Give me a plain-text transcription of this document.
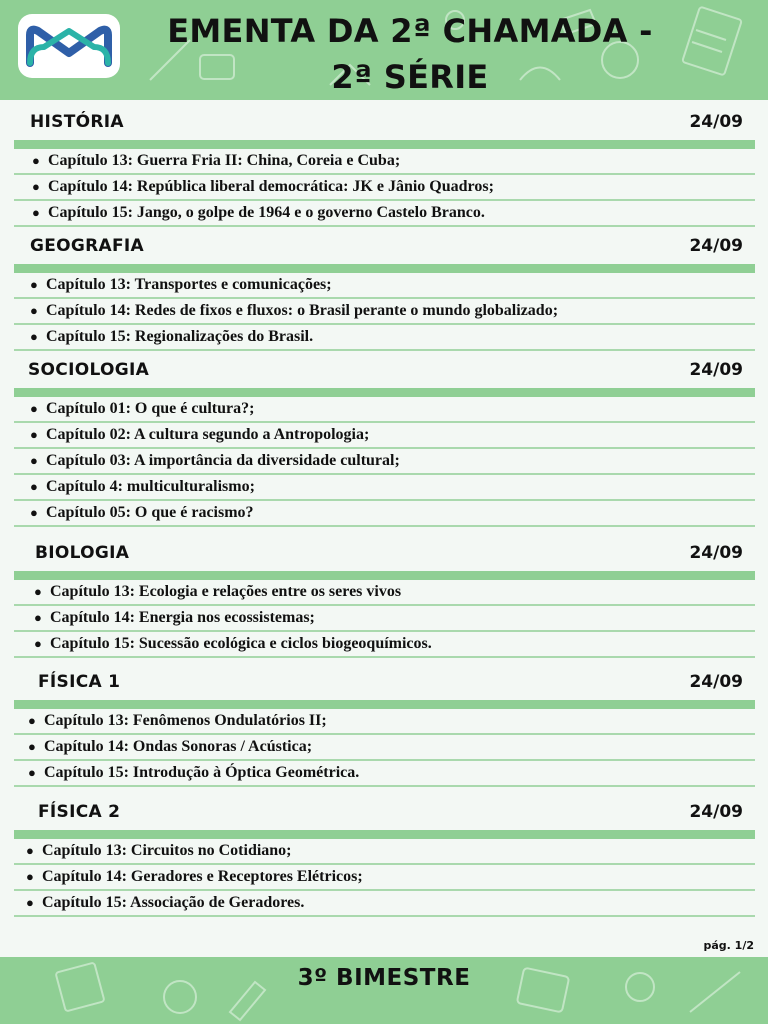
EMENTA DA 2ª CHAMADA -
2ª SÉRIE
HISTÓRIA	24/09
● Capítulo 13: Guerra Fria II: China, Coreia e Cuba;
● Capítulo 14: República liberal democrática: JK e Jânio Quadros;
● Capítulo 15: Jango, o golpe de 1964 e o governo Castelo Branco.
GEOGRAFIA	24/09
● Capítulo 13: Transportes e comunicações;
● Capítulo 14: Redes de fixos e fluxos: o Brasil perante o mundo globalizado;
● Capítulo 15: Regionalizações do Brasil.
SOCIOLOGIA	24/09
● Capítulo 01: O que é cultura?;
● Capítulo 02: A cultura segundo a Antropologia;
● Capítulo 03: A importância da diversidade cultural;
● Capítulo 4: multiculturalismo;
● Capítulo 05: O que é racismo?
BIOLOGIA	24/09
● Capítulo 13: Ecologia e relações entre os seres vivos
● Capítulo 14: Energia nos ecossistemas;
● Capítulo 15: Sucessão ecológica e ciclos biogeoquímicos.
FÍSICA 1	24/09
● Capítulo 13: Fenômenos Ondulatórios II;
● Capítulo 14: Ondas Sonoras / Acústica;
● Capítulo 15: Introdução à Óptica Geométrica.
FÍSICA 2	24/09
● Capítulo 13: Circuitos no Cotidiano;
● Capítulo 14: Geradores e Receptores Elétricos;
● Capítulo 15: Associação de Geradores.
pág. 1/2
3º BIMESTRE
